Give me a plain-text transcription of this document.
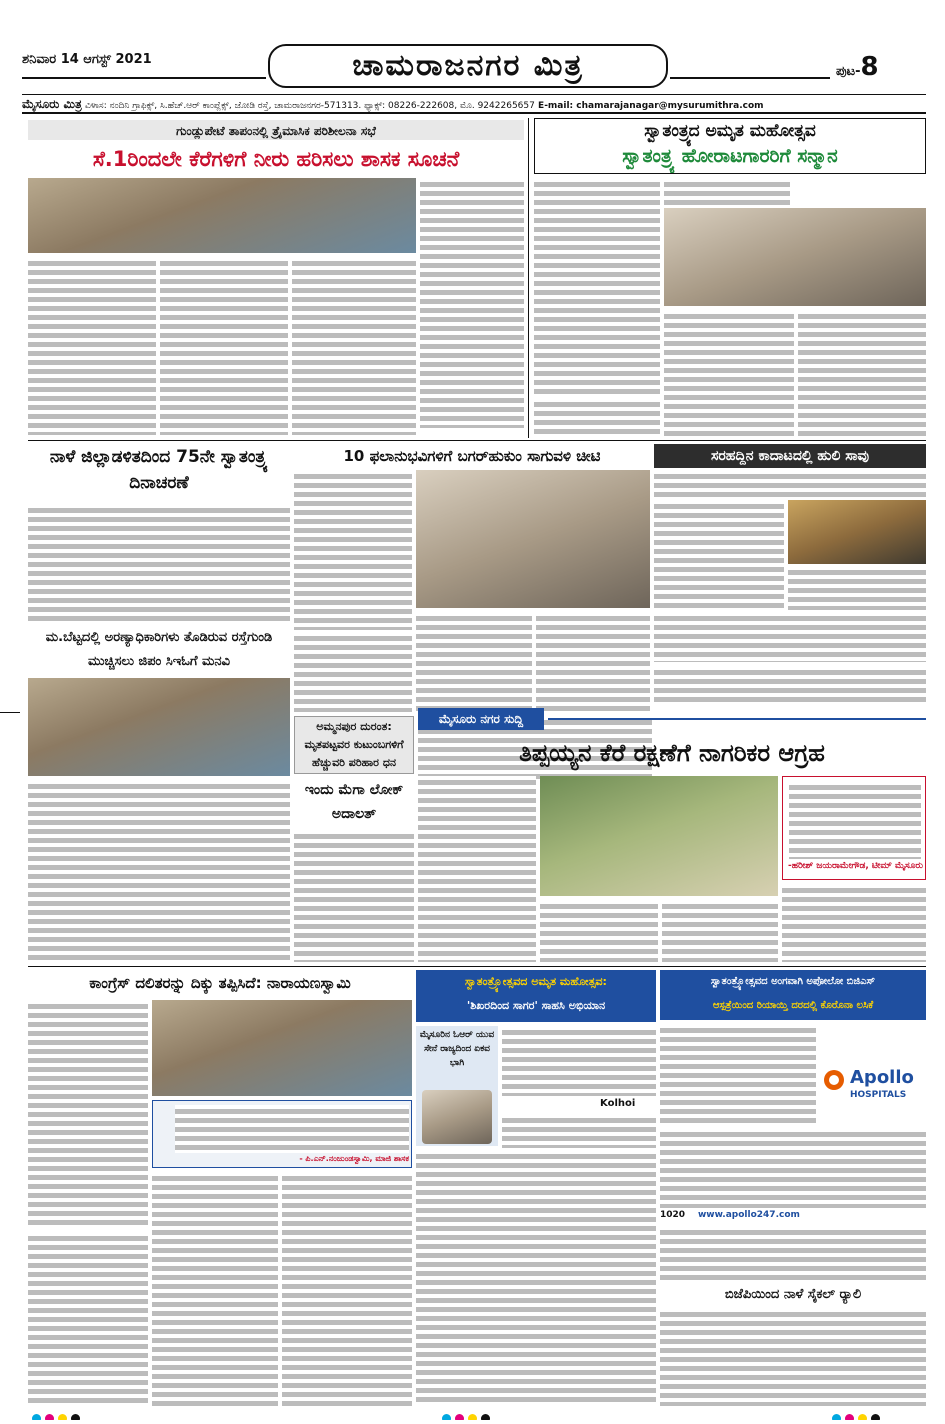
ಶನಿವಾರ 14 ಆಗಸ್ಟ್ 2021	ಚಾಮರಾಜನಗರ ಮಿತ್ರ	ಪುಟ-8
ಮೈಸೂರು ಮಿತ್ರ ವಿಳಾಸ: ನಂದಿನಿ ಗ್ರಾಫಿಕ್ಸ್, ಸಿ.ಹೆಚ್.ಆರ್ ಕಾಂಪ್ಲೆಕ್ಸ್, ಜೋಡಿ ರಸ್ತೆ, ಚಾಮರಾಜನಗರ-571313. ಫ್ಯಾಕ್ಸ್: 08226-222608, ಮೊ. 9242265657 E-mail: chamarajanagar@mysurumithra.com
ಗುಂಡ್ಲುಪೇಟೆ ತಾಪಂನಲ್ಲಿ ತ್ರೈಮಾಸಿಕ ಪರಿಶೀಲನಾ ಸಭೆ
ಸೆ.1ರಿಂದಲೇ ಕೆರೆಗಳಿಗೆ ನೀರು ಹರಿಸಲು ಶಾಸಕ ಸೂಚನೆ
ಸ್ವಾತಂತ್ರ್ಯದ ಅಮೃತ ಮಹೋತ್ಸವ
ಸ್ವಾತಂತ್ರ್ಯ ಹೋರಾಟಗಾರರಿಗೆ ಸನ್ಮಾನ
ನಾಳೆ ಜಿಲ್ಲಾಡಳಿತದಿಂದ 75ನೇ ಸ್ವಾತಂತ್ರ್ಯ ದಿನಾಚರಣೆ
10 ಫಲಾನುಭವಿಗಳಿಗೆ ಬಗರ್‌ಹುಕುಂ ಸಾಗುವಳಿ ಚೀಟಿ	ಸರಹದ್ದಿನ ಕಾದಾಟದಲ್ಲಿ ಹುಲಿ ಸಾವು
ಅಮ್ಮನಪುರ ದುರಂತ: ಮೃತಪಟ್ಟವರ ಕುಟುಂಬಗಳಿಗೆ ಹೆಚ್ಚುವರಿ ಪರಿಹಾರ ಧನ
ಮ.ಬೆಟ್ಟದಲ್ಲಿ ಅರಣ್ಯಾಧಿಕಾರಿಗಳು ತೊಡಿರುವ ರಸ್ತೆಗುಂಡಿ ಮುಚ್ಚಿಸಲು ಜಿಪಂ ಸಿಇಓಗೆ ಮನವಿ
ಇಂದು ಮೆಗಾ ಲೋಕ್ ಅದಾಲತ್
ಮೈಸೂರು ನಗರ ಸುದ್ದಿ
ತಿಪ್ಪಯ್ಯನ ಕೆರೆ ರಕ್ಷಣೆಗೆ ನಾಗರಿಕರ ಆಗ್ರಹ
-ಹರೀಶ್ ಜಯರಾಮೇಗೌಡ, ಟೀಮ್ ಮೈಸೂರು
ಕಾಂಗ್ರೆಸ್ ದಲಿತರನ್ನು ದಿಕ್ಕು ತಪ್ಪಿಸಿದೆ: ನಾರಾಯಣಸ್ವಾಮಿ
- ಪಿ.ಎನ್.ನಂಜುಂಡಸ್ವಾಮಿ, ಮಾಜಿ ಶಾಸಕ
ಸ್ವಾತಂತ್ರ್ಯೋತ್ಸವದ ಅಮೃತ ಮಹೋತ್ಸವ:
'ಶಿಖರದಿಂದ ಸಾಗರ' ಸಾಹಸಿ ಅಭಿಯಾನ
ಮೈಸೂರಿನ ಓಆರ್ ಯುವ ಸೇನೆ ರಾಜ್ಯದಿಂದ ಏಕವ ಭಾಗಿ
Kolhoi
ಸ್ವಾತಂತ್ರ್ಯೋತ್ಸವದ ಅಂಗವಾಗಿ ಅಪೋಲೋ ಬಿಜಿಎಸ್
ಆಸ್ಪತ್ರೆಯಿಂದ ರಿಯಾಯ್ತಿ ದರದಲ್ಲಿ ಕೊರೊನಾ ಲಸಿಕೆ
Apollo
HOSPITALS
1020 www.apollo247.com
ಬಿಜೆಪಿಯಿಂದ ನಾಳೆ ಸೈಕಲ್ ರ‍್ಯಾಲಿ
